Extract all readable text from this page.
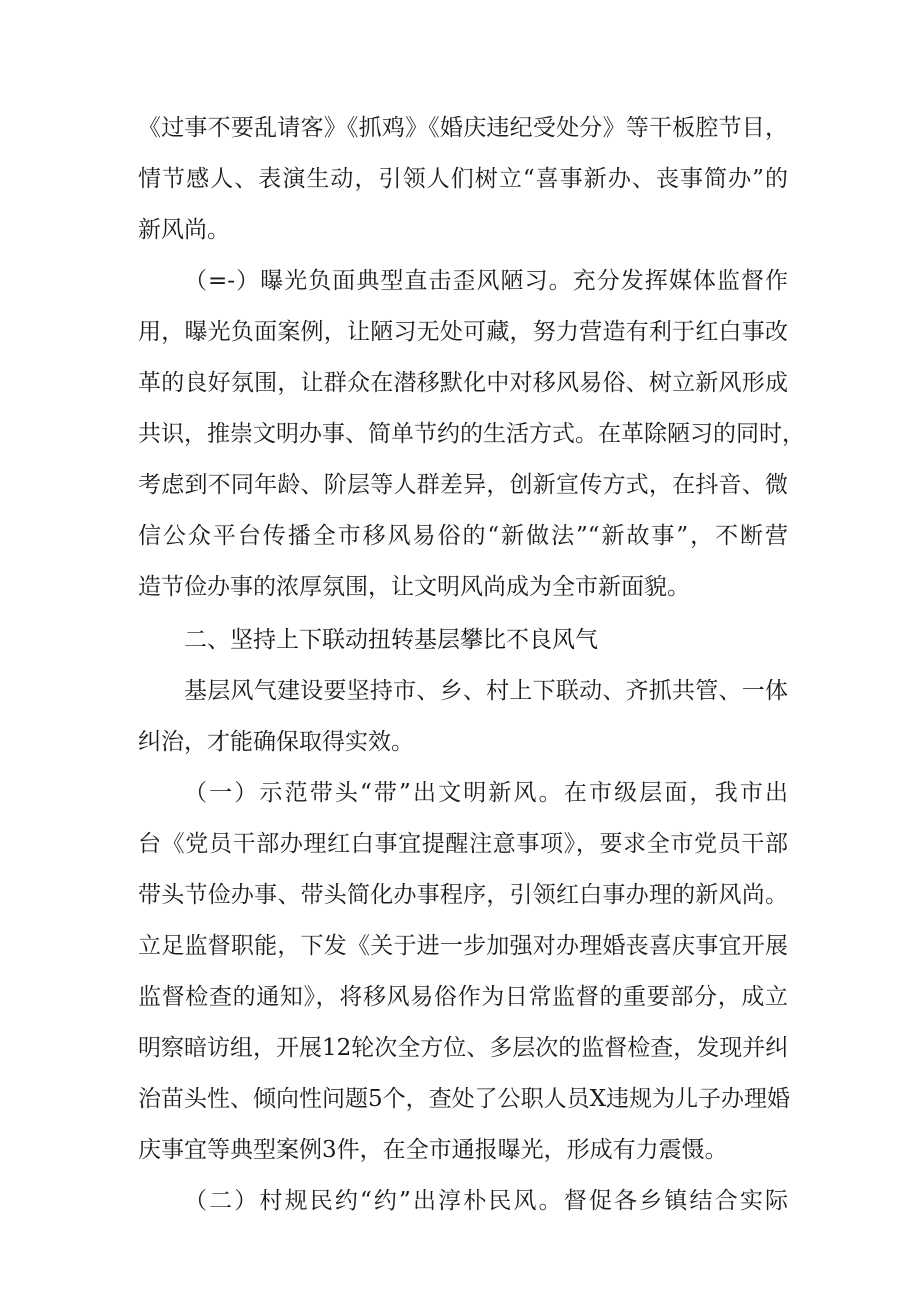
《过事不要乱请客》《抓鸡》《婚庆违纪受处分》等干板腔节目，
情节感人、表演生动，引领人们树立“喜事新办、丧事简办”的
新风尚。
（=-）曝光负面典型直击歪风陋习。充分发挥媒体监督作
用，曝光负面案例，让陋习无处可藏，努力营造有利于红白事改
革的良好氛围，让群众在潜移默化中对移风易俗、树立新风形成
共识，推崇文明办事、简单节约的生活方式。在革除陋习的同时，
考虑到不同年龄、阶层等人群差异，创新宣传方式，在抖音、微
信公众平台传播全市移风易俗的“新做法”“新故事”，不断营
造节俭办事的浓厚氛围，让文明风尚成为全市新面貌。
二、坚持上下联动扭转基层攀比不良风气
基层风气建设要坚持市、乡、村上下联动、齐抓共管、一体
纠治，才能确保取得实效。
（一）示范带头“带”出文明新风。在市级层面，我市出
台《党员干部办理红白事宜提醒注意事项》，要求全市党员干部
带头节俭办事、带头简化办事程序，引领红白事办理的新风尚。
立足监督职能，下发《关于进一步加强对办理婚丧喜庆事宜开展
监督检查的通知》，将移风易俗作为日常监督的重要部分，成立
明察暗访组，开展12轮次全方位、多层次的监督检查，发现并纠
治苗头性、倾向性问题5个，查处了公职人员X违规为儿子办理婚
庆事宜等典型案例3件，在全市通报曝光，形成有力震慑。
（二）村规民约“约”出淳朴民风。督促各乡镇结合实际
